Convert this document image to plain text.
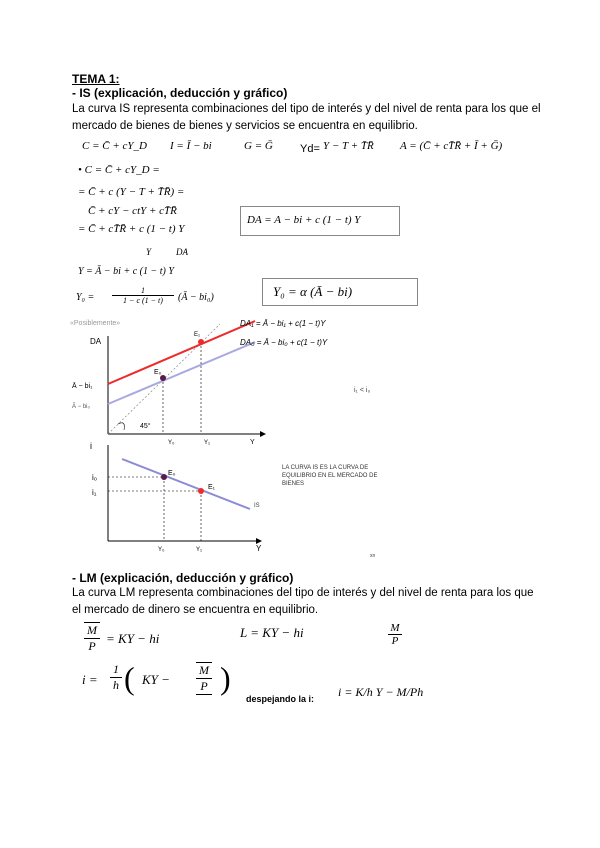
TEMA 1:
- IS (explicación, deducción y gráfico)
La curva IS representa combinaciones del tipo de interés y del nivel de renta para los que el mercado de bienes de bienes y servicios se encuentra en equilibrio.
C = C̄ + cY_D I = Ī − bi	G = Ḡ Yd= Y − T + T̄R̄ A = (C̄ + cT̄R̄ + Ī + Ḡ)
• C = C̄ + cY_D =
= C̄ + c (Y − T + T̄R̄) =
C̄ + cY − ctY + cT̄R̄
= C̄ + cT̄R̄ + c (1 − t) Y
DA = A − bi + c (1 − t) Y
Y	DA
Y = Ā − bi + c (1 − t) Y
$Y_0 = \frac{1}{1 - c (1 - t)}$ (Ā − bi₀)	Y₀ = α (Ā − bi)
«Posiblemente»
DA
45°
Ā − bi₁
Ā − bi₀
E₀
E₁
Y₀	Y₁	Y
DA₁ = Ā − bi₁ + c(1 − t)Y
DA₀ = Ā − bi₀ + c(1 − t)Y
i₁ < i₀
i
E₀
E₁
i₀
i₁
IS
Y₀	Y₁	Y
xn
LA CURVA IS ES LA CURVA DE EQUILIBRIO EN EL MERCADO DE BIENES
- LM (explicación, deducción y gráfico)
La curva LM representa combinaciones del tipo de interés y del nivel de renta para los que el mercado de dinero se encuentra en equilibrio.
$\frac{M}{P}$ = KY − hi	L = KY − hi	$\frac{M}{P}$
$i = \frac{1}{h}$ ( KY − $\frac{M}{P}$ )
despejando la i: i = K/h Y − M/Ph
